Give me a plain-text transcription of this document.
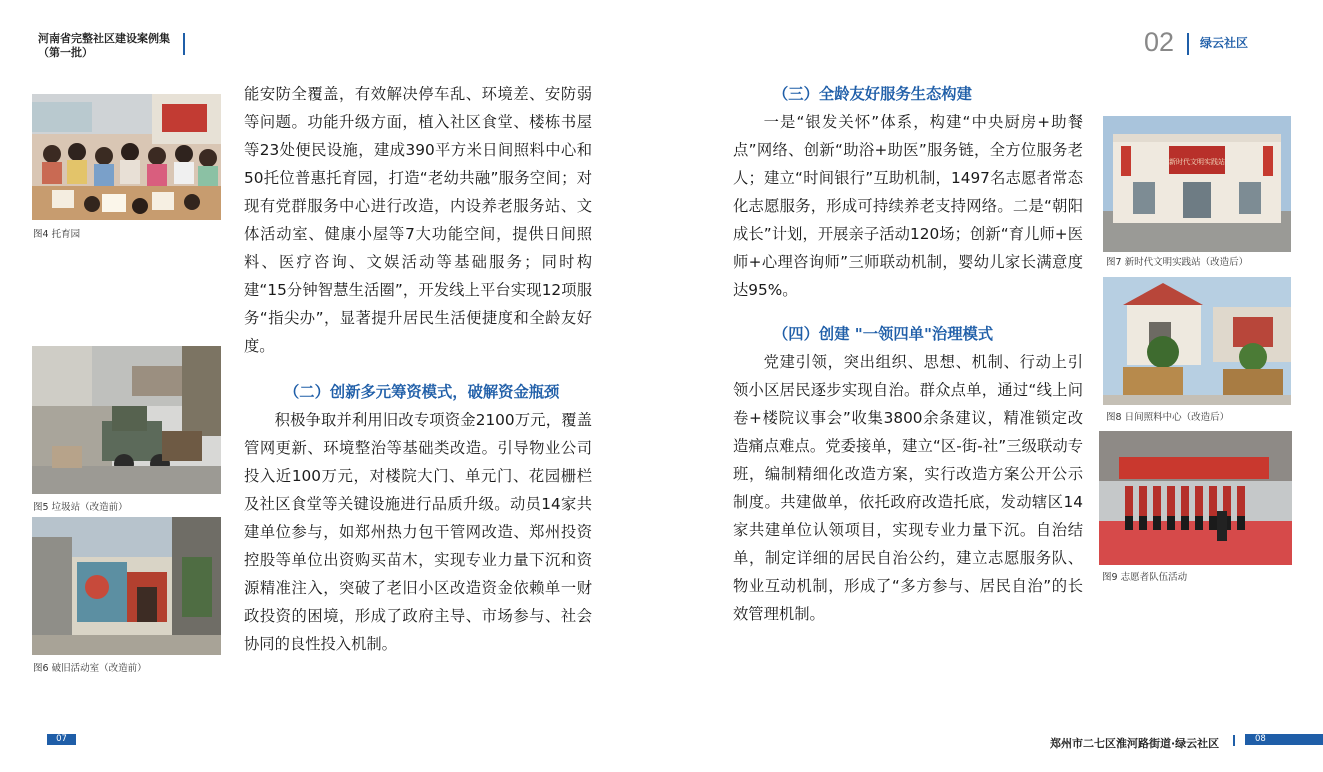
河南省完整社区建设案例集
（第一批）	02 绿云社区
图4 托育园
图5 垃圾站（改造前）
图6 破旧活动室（改造前）

能安防全覆盖，有效解决停车乱、环境差、安防弱等问题。功能升级方面，植入社区食堂、楼栋书屋等23处便民设施，建成390平方米日间照料中心和50托位普惠托育园，打造“老幼共融”服务空间；对现有党群服务中心进行改造，内设养老服务站、文体活动室、健康小屋等7大功能空间，提供日间照料、医疗咨询、文娱活动等基础服务；同时构建“15分钟智慧生活圈”，开发线上平台实现12项服务“指尖办”，显著提升居民生活便捷度和全龄友好度。

（二）创新多元筹资模式，破解资金瓶颈

积极争取并利用旧改专项资金2100万元，覆盖管网更新、环境整治等基础类改造。引导物业公司投入近100万元，对楼院大门、单元门、花园栅栏及社区食堂等关键设施进行品质升级。动员14家共建单位参与，如郑州热力包干管网改造、郑州投资控股等单位出资购买苗木，实现专业力量下沉和资源精准注入，突破了老旧小区改造资金依赖单一财政投资的困境，形成了政府主导、市场参与、社会协同的良性投入机制。

（三）全龄友好服务生态构建

一是“银发关怀”体系，构建“中央厨房+助餐点”网络、创新“助浴+助医”服务链，全方位服务老人；建立“时间银行”互助机制，1497名志愿者常态化志愿服务，形成可持续养老支持网络。二是“朝阳成长”计划，开展亲子活动120场；创新“育儿师+医师+心理咨询师”三师联动机制，婴幼儿家长满意度达95%。

（四）创建 "一领四单"治理模式

党建引领，突出组织、思想、机制、行动上引领小区居民逐步实现自治。群众点单，通过“线上问卷+楼院议事会”收集3800余条建议，精准锁定改造痛点难点。党委接单，建立“区-街-社”三级联动专班，编制精细化改造方案，实行改造方案公开公示制度。共建做单，依托政府改造托底，发动辖区14家共建单位认领项目，实现专业力量下沉。自治结单，制定详细的居民自治公约，建立志愿服务队、物业互动机制，形成了“多方参与、居民自治”的长效管理机制。

新时代文明实践站
图7 新时代文明实践站（改造后）
图8 日间照料中心（改造后）
图9 志愿者队伍活动
07	郑州市二七区淮河路街道·绿云社区	08
